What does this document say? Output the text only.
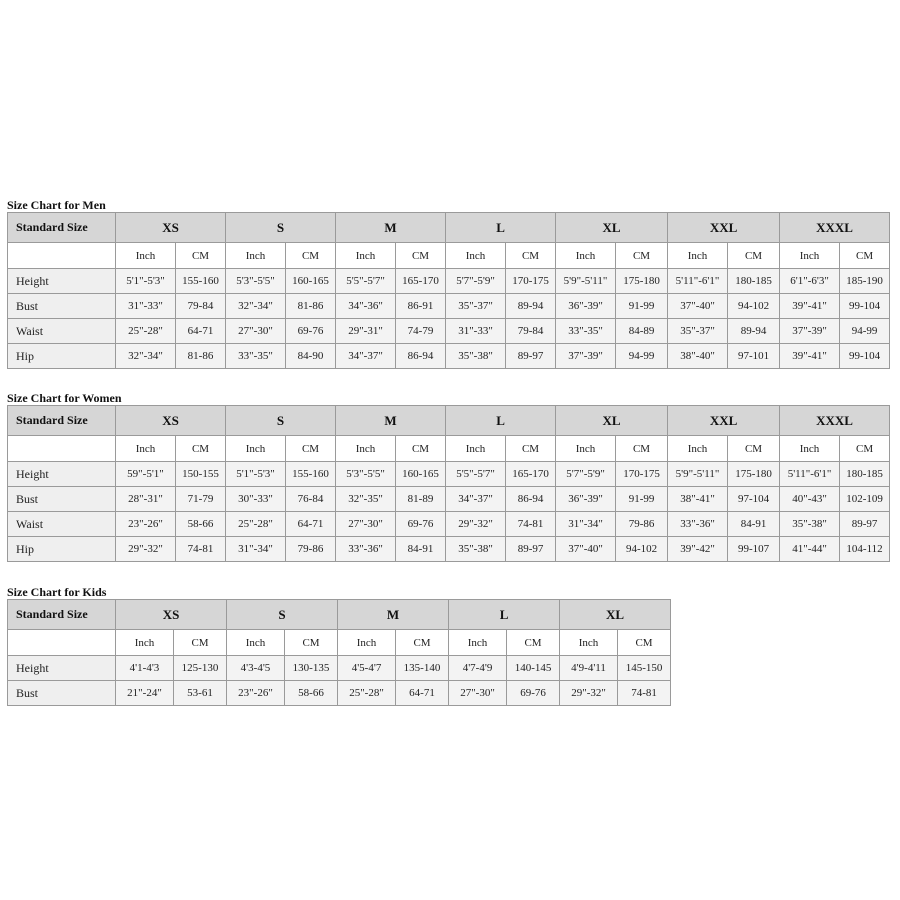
Size Chart for Men
Standard Size	XS		S		M		L		XL		XXL		XXXL	
	Inch	CM	Inch	CM	Inch	CM	Inch	CM	Inch	CM	Inch	CM	Inch	CM
Height	5'1"-5'3"	155-160	5'3"-5'5"	160-165	5'5"-5'7"	165-170	5'7"-5'9"	170-175	5'9"-5'11"	175-180	5'11"-6'1"	180-185	6'1"-6'3"	185-190
Bust	31"-33"	79-84	32"-34"	81-86	34"-36"	86-91	35"-37"	89-94	36"-39"	91-99	37"-40"	94-102	39"-41"	99-104
Waist	25"-28"	64-71	27"-30"	69-76	29"-31"	74-79	31"-33"	79-84	33"-35"	84-89	35"-37"	89-94	37"-39"	94-99
Hip	32"-34"	81-86	33"-35"	84-90	34"-37"	86-94	35"-38"	89-97	37"-39"	94-99	38"-40"	97-101	39"-41"	99-104
Size Chart for Women
Standard Size	XS		S		M		L		XL		XXL		XXXL	
	Inch	CM	Inch	CM	Inch	CM	Inch	CM	Inch	CM	Inch	CM	Inch	CM
Height	59"-5'1"	150-155	5'1"-5'3"	155-160	5'3"-5'5"	160-165	5'5"-5'7"	165-170	5'7"-5'9"	170-175	5'9"-5'11"	175-180	5'11"-6'1"	180-185
Bust	28"-31"	71-79	30"-33"	76-84	32"-35"	81-89	34"-37"	86-94	36"-39"	91-99	38"-41"	97-104	40"-43"	102-109
Waist	23"-26"	58-66	25"-28"	64-71	27"-30"	69-76	29"-32"	74-81	31"-34"	79-86	33"-36"	84-91	35"-38"	89-97
Hip	29"-32"	74-81	31"-34"	79-86	33"-36"	84-91	35"-38"	89-97	37"-40"	94-102	39"-42"	99-107	41"-44"	104-112
Size Chart for Kids
Standard Size	XS		S		M		L		XL	
	Inch	CM	Inch	CM	Inch	CM	Inch	CM	Inch	CM
Height	4'1-4'3	125-130	4'3-4'5	130-135	4'5-4'7	135-140	4'7-4'9	140-145	4'9-4'11	145-150
Bust	21"-24"	53-61	23"-26"	58-66	25"-28"	64-71	27"-30"	69-76	29"-32"	74-81
